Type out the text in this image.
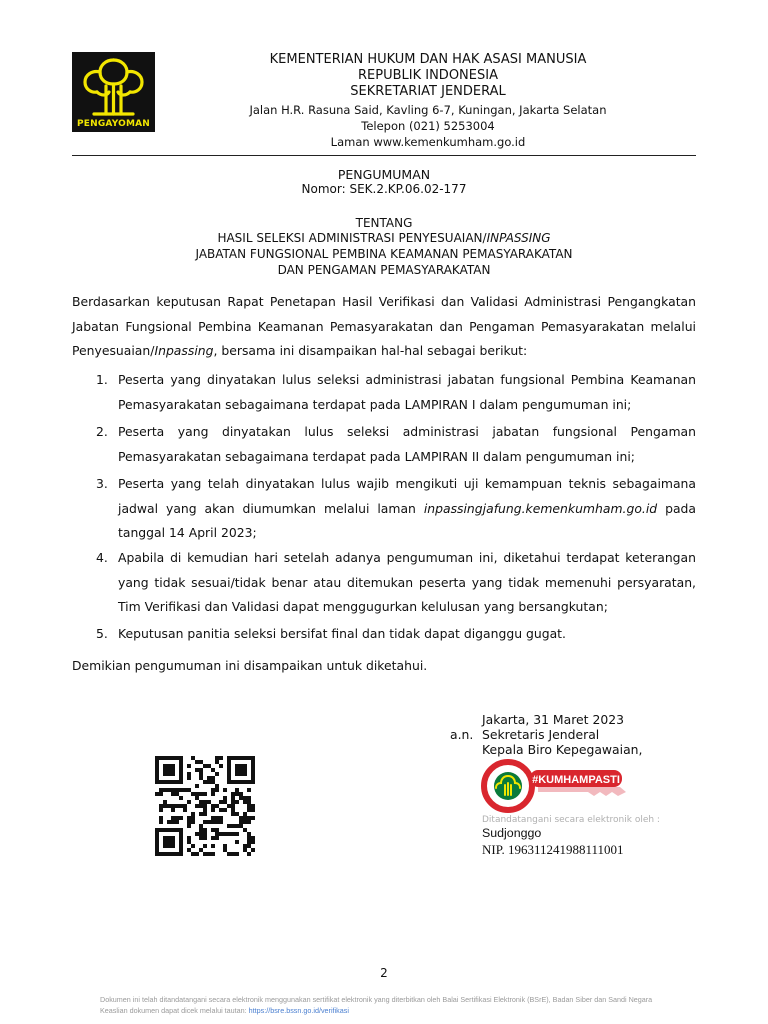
PENGAYOMAN
KEMENTERIAN HUKUM DAN HAK ASASI MANUSIA
REPUBLIK INDONESIA
SEKRETARIAT JENDERAL
Jalan H.R. Rasuna Said, Kavling 6-7, Kuningan, Jakarta Selatan
Telepon (021) 5253004
Laman www.kemenkumham.go.id
PENGUMUMAN
Nomor: SEK.2.KP.06.02-177
TENTANG
HASIL SELEKSI ADMINISTRASI PENYESUAIAN/INPASSING
JABATAN FUNGSIONAL PEMBINA KEAMANAN PEMASYARAKATAN
DAN PENGAMAN PEMASYARAKATAN
Berdasarkan keputusan Rapat Penetapan Hasil Verifikasi dan Validasi Administrasi Pengangkatan
Jabatan Fungsional Pembina Keamanan Pemasyarakatan dan Pengaman Pemasyarakatan melalui
Penyesuaian/Inpassing, bersama ini disampaikan hal-hal sebagai berikut:
1. Peserta yang dinyatakan lulus seleksi administrasi jabatan fungsional Pembina Keamanan Pemasyarakatan sebagaimana terdapat pada LAMPIRAN I dalam pengumuman ini;
2. Peserta yang dinyatakan lulus seleksi administrasi jabatan fungsional Pengaman Pemasyarakatan sebagaimana terdapat pada LAMPIRAN II dalam pengumuman ini;
3. Peserta yang telah dinyatakan lulus wajib mengikuti uji kemampuan teknis sebagaimana jadwal yang akan diumumkan melalui laman inpassingjafung.kemenkumham.go.id pada tanggal 14 April 2023;
4. Apabila di kemudian hari setelah adanya pengumuman ini, diketahui terdapat keterangan yang tidak sesuai/tidak benar atau ditemukan peserta yang tidak memenuhi persyaratan, Tim Verifikasi dan Validasi dapat menggugurkan kelulusan yang bersangkutan;
5. Keputusan panitia seleksi bersifat final dan tidak dapat diganggu gugat.
Demikian pengumuman ini disampaikan untuk diketahui.
Jakarta, 31 Maret 2023
a.n. Sekretaris Jenderal
Kepala Biro Kepegawaian,
#KUMHAMPASTI
Ditandatangani secara elektronik oleh :
Sudjonggo
NIP. 196311241988111001
2
Dokumen ini telah ditandatangani secara elektronik menggunakan sertifikat elektronik yang diterbitkan oleh Balai Sertifikasi Elektronik (BSrE), Badan Siber dan Sandi Negara
Keaslian dokumen dapat dicek melalui tautan: https://bsre.bssn.go.id/verifikasi
